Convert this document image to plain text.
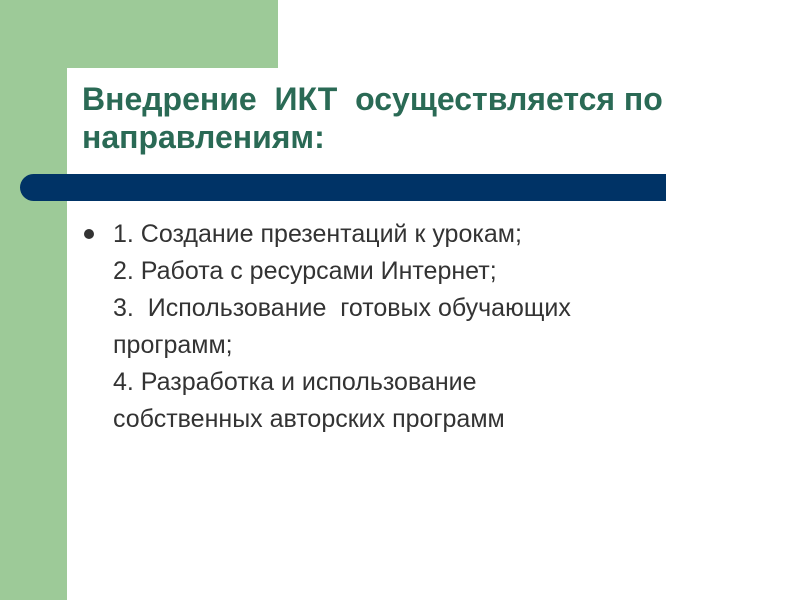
Внедрение  ИКТ  осуществляется по
направлениям:

1. Создание презентаций к урокам;
2. Работа с ресурсами Интернет;
3.  Использование  готовых обучающих
программ;
4. Разработка и использование
собственных авторских программ
